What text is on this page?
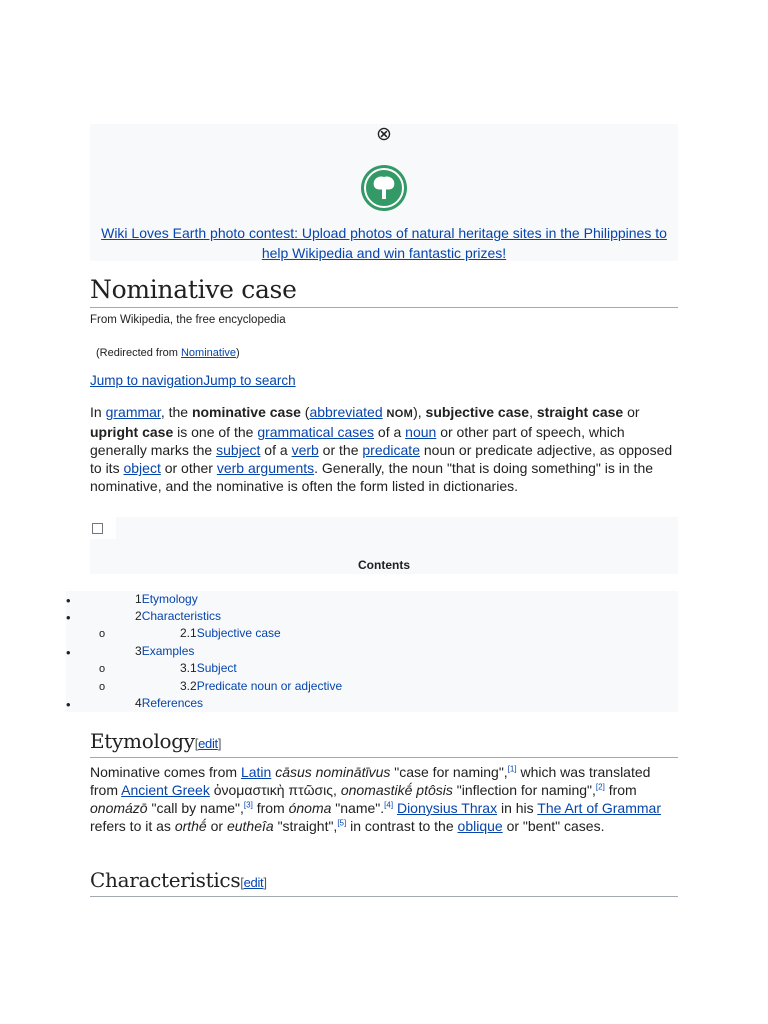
⊗
Wiki Loves Earth photo contest: Upload photos of natural heritage sites in the Philippines to help Wikipedia and win fantastic prizes!
Nominative case
From Wikipedia, the free encyclopedia
(Redirected from Nominative)
Jump to navigationJump to search

In grammar, the nominative case (abbreviated NOM), subjective case, straight case or upright case is one of the grammatical cases of a noun or other part of speech, which generally marks the subject of a verb or the predicate noun or predicate adjective, as opposed to its object or other verb arguments. Generally, the noun "that is doing something" is in the nominative, and the nominative is often the form listed in dictionaries.

Contents
•	1Etymology
•	2Characteristics
o	2.1Subjective case
•	3Examples
o	3.1Subject
o	3.2Predicate noun or adjective
•	4References
Etymology[edit]

Nominative comes from Latin cāsus nominātīvus "case for naming",[1] which was translated from Ancient Greek ὀνομαστικὴ πτῶσις, onomastikḗ ptôsis "inflection for naming",[2] from onomázō "call by name",[3] from ónoma "name".[4] Dionysius Thrax in his The Art of Grammar refers to it as orthḗ or eutheîa "straight",[5] in contrast to the oblique or "bent" cases.

Characteristics[edit]
